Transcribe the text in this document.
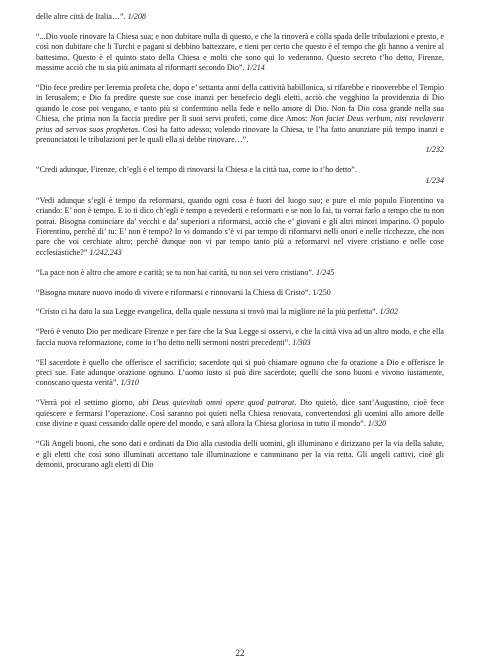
delle altre città de Italia…”. 1/208

“...Dio vuole rinovare la Chiesa sua; e non dubitare nulla di questo, e che la rinoverà e colla spada delle tribulazioni e presto, e così non dubitare che li Turchi e pagani si debbino battezzare, e tieni per certo che questo è el tempo che gli hanno a venire al battesimo. Questo è el quinto stato della Chiesa e molti che sono qui lo vederanno. Questo secreto t’ho detto, Firenze, massime acciò che tu sia più animata al riformarti secondo Dio”. 1/214

“Dio fece predire per Ieremia profeta che, dopo e’ settanta anni della cattività babillonica, si rifarebbe e rinoverebbe el Tempio in Ierusalem; e Dio fa predire queste sue cose inanzi per benefecio degli eletti, acciò che vegghino la providenzia di Dio quando le cose poi vengano, e tanto più si confermino nella fede e nello amore di Dio. Non fa Dio cosa grande nella sua Chiesa, che prima non la faccia predire per li suoi servi profeti, come dice Amos: Non faciet Deus verbum, nisi revelaverit prius ad servos suos prophetas. Così ha fatto adesso; volendo rinovare la Chiesa, te l’ha fatto anunziare più tempo inanzi e prenunciatoti le tribulazioni per le quali ella si debbe rinovare…”.
1/232

“Credi adunque, Firenze, ch’egli è el tempo di rinovarsi la Chiesa e la città tua, come io t’ho detto”.
1/234

“Vedi adunque s’egli è tempo da reformarsi, quando ogni cosa è fuori del luogo suo; e pure el mio populo Fiorentino va criando: E’ non è tempo. E io ti dico ch’egli è tempo a revederti e reformarti e se non lo fai, tu vorrai farlo a tempo che tu non potrai. Bisogna cominciare da’ vecchi e da’ superiori a riformarsi, acciò che e’ giovani e gli altri minori imparino. O populo Fiorentino, perché di’ tu: E’ non è tempo? Io vi domando s’è vi par tempo di riformarvi nelli onori e nelle ricchezze, che non pare che voi cerchiate altro; perché dunque non vi par tempo tanto più a reformarvi nel vivere cristiano e nelle cose ecclesiastiche?” 1/242.243

“La pace non è altro che amore e carità; se tu non hai carità, tu non sei vero cristiano”. 1/245

“Bisogna mutare nuovo modo di vivere e riformarsi e rinnovarsi la Chiesa di Cristo”. 1/250

“Cristo ci ha dato la sua Legge evangelica, della quale nessuna si trovò mai la migliore né la più perfetta”. 1/302

“Però è venuto Dio per medicare Firenze e per fare che la Sua Legge si osservi, e che la città viva ad un altro modo, e che ella faccia nuova reformazione, come io t’ho detto nelli sermoni nostri precedenti”. 1/303

“El sacerdote è quello che offerisce el sacrificio; sacerdote qui si può chiamare ognuno che fa orazione a Dio e offerisce le preci sue. Fate adunque orazione ognuno. L’uomo iusto si può dire sacerdote; quelli che sono buoni e vivono iustamente, conoscano questa verità”. 1/310

“Verrà poi el settimo giorno, ubi Deus quievitab omni opere quod patrarat. Dio quietò, dice sant’Augustino, cioè fece quiescere e fermarsi l’operazione. Così saranno poi quieti nella Chiesa renovata, convertendosi gli uomini allo amore delle cose divine e quasi cessando dalle opere del mondo, e sarà allora la Chiesa gloriosa in tutto il mondo”. 1/320

“Gli Angeli buoni, che sono dati e ordinati da Dio alla custodia delli uomini, gli illuminano e dirizzano per la via della salute, e gli eletti che così sono illuminati accettano tale illuminazione e camminano per la via retta. Gli angeli cattivi, cioè gli demonii, procurano agli eletti di Dio

22
